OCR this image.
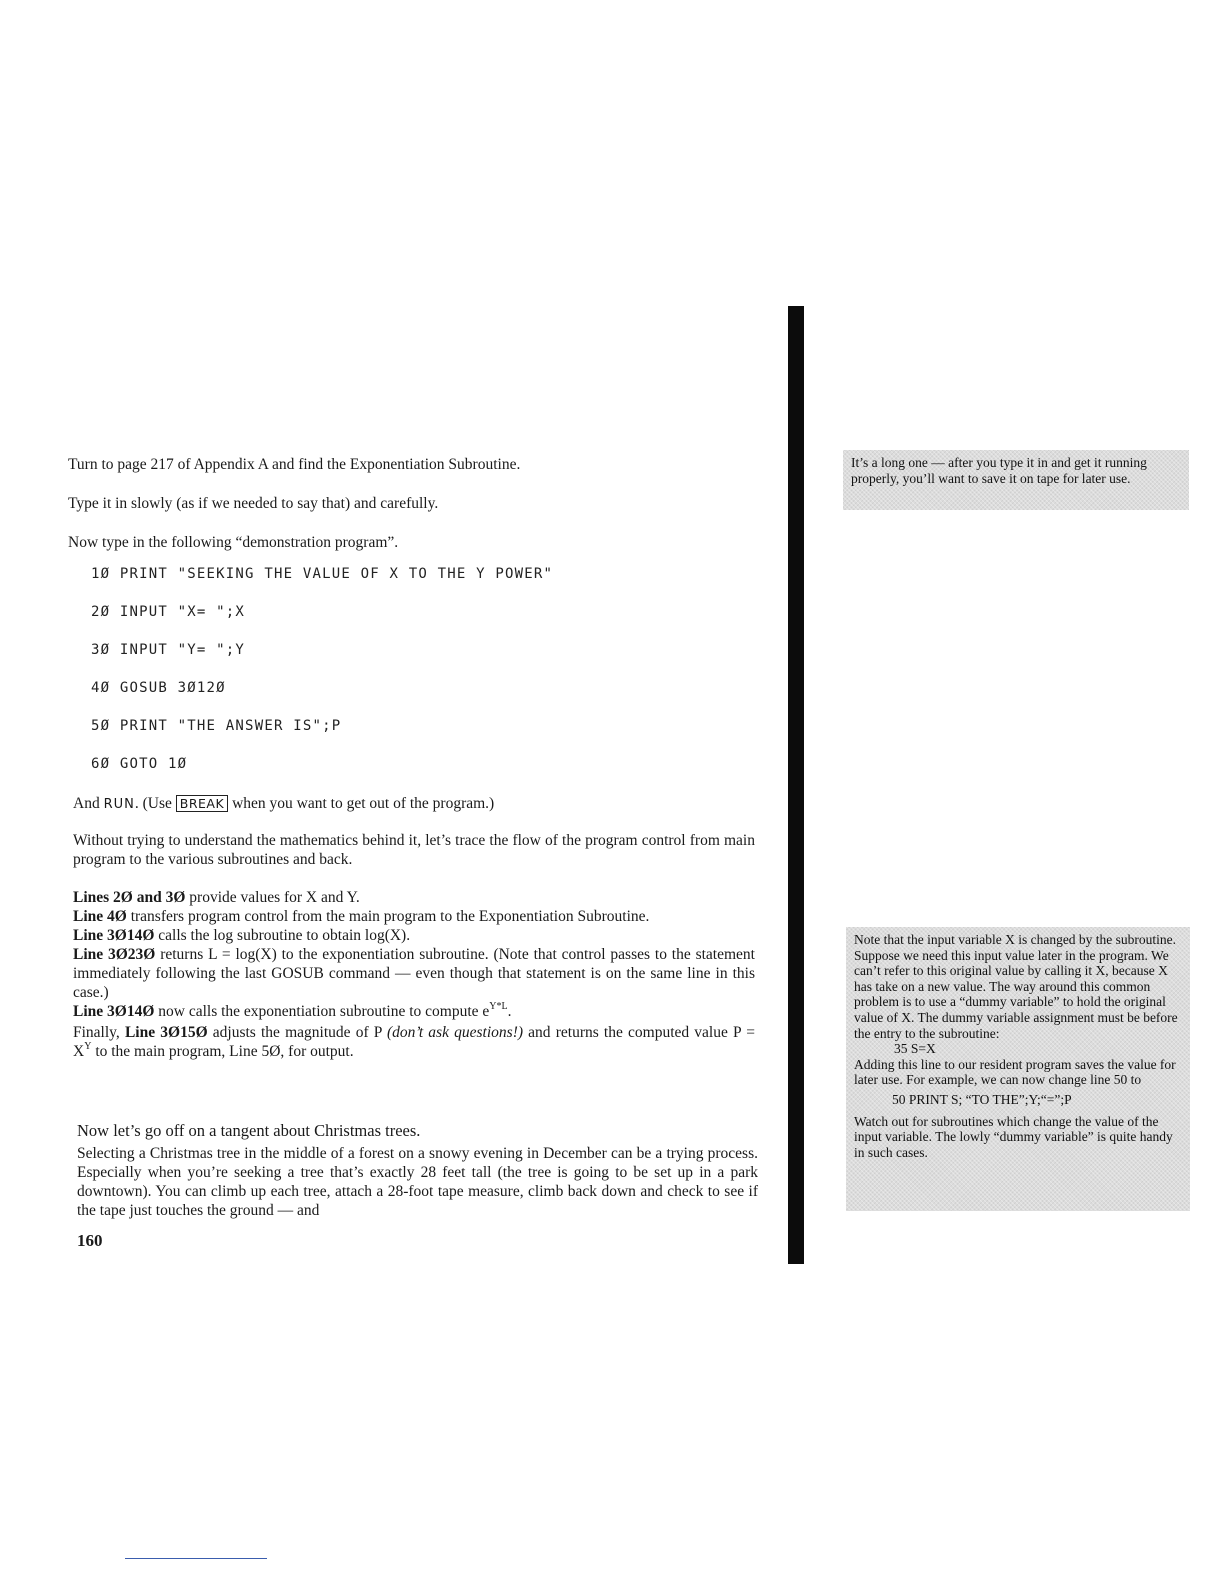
Turn to page 217 of Appendix A and find the Exponentiation Subroutine.
Type it in slowly (as if we needed to say that) and carefully.
Now type in the following “demonstration program”.
1Ø PRINT "SEEKING THE VALUE OF X TO THE Y POWER"
2Ø INPUT "X= ";X
3Ø INPUT "Y= ";Y
4Ø GOSUB 3Ø12Ø
5Ø PRINT "THE ANSWER IS";P
6Ø GOTO 1Ø
And RUN. (Use BREAK when you want to get out of the program.)
Without trying to understand the mathematics behind it, let’s trace the flow of the program control from main program to the various subroutines and back.
Lines 2Ø and 3Ø provide values for X and Y.
Line 4Ø transfers program control from the main program to the Exponentiation Subroutine.
Line 3Ø14Ø calls the log subroutine to obtain log(X).
Line 3Ø23Ø returns L = log(X) to the exponentiation subroutine. (Note that control passes to the statement immediately following the last GOSUB command — even though that statement is on the same line in this case.)
Line 3Ø14Ø now calls the exponentiation subroutine to compute $e^{Y*L}$.
Finally, Line 3Ø15Ø adjusts the magnitude of P (don’t ask questions!) and returns the computed value $P = X^Y$ to the main program, Line 5Ø, for output.
Now let’s go off on a tangent about Christmas trees.
Selecting a Christmas tree in the middle of a forest on a snowy evening in December can be a trying process. Especially when you’re seeking a tree that’s exactly 28 feet tall (the tree is going to be set up in a park downtown). You can climb up each tree, attach a 28-foot tape measure, climb back down and check to see if the tape just touches the ground — and
160

It’s a long one — after you type it in and get it running properly, you’ll want to save it on tape for later use.

Note that the input variable X is changed by the subroutine. Suppose we need this input value later in the program. We can’t refer to this original value by calling it X, because X has take on a new value. The way around this common problem is to use a “dummy variable” to hold the original value of X. The dummy variable assignment must be before the entry to the subroutine:

35 S=X

Adding this line to our resident program saves the value for later use. For example, we can now change line 50 to

50 PRINT S; “TO THE”;Y;“=”;P

Watch out for subroutines which change the value of the input variable. The lowly “dummy variable” is quite handy in such cases.
